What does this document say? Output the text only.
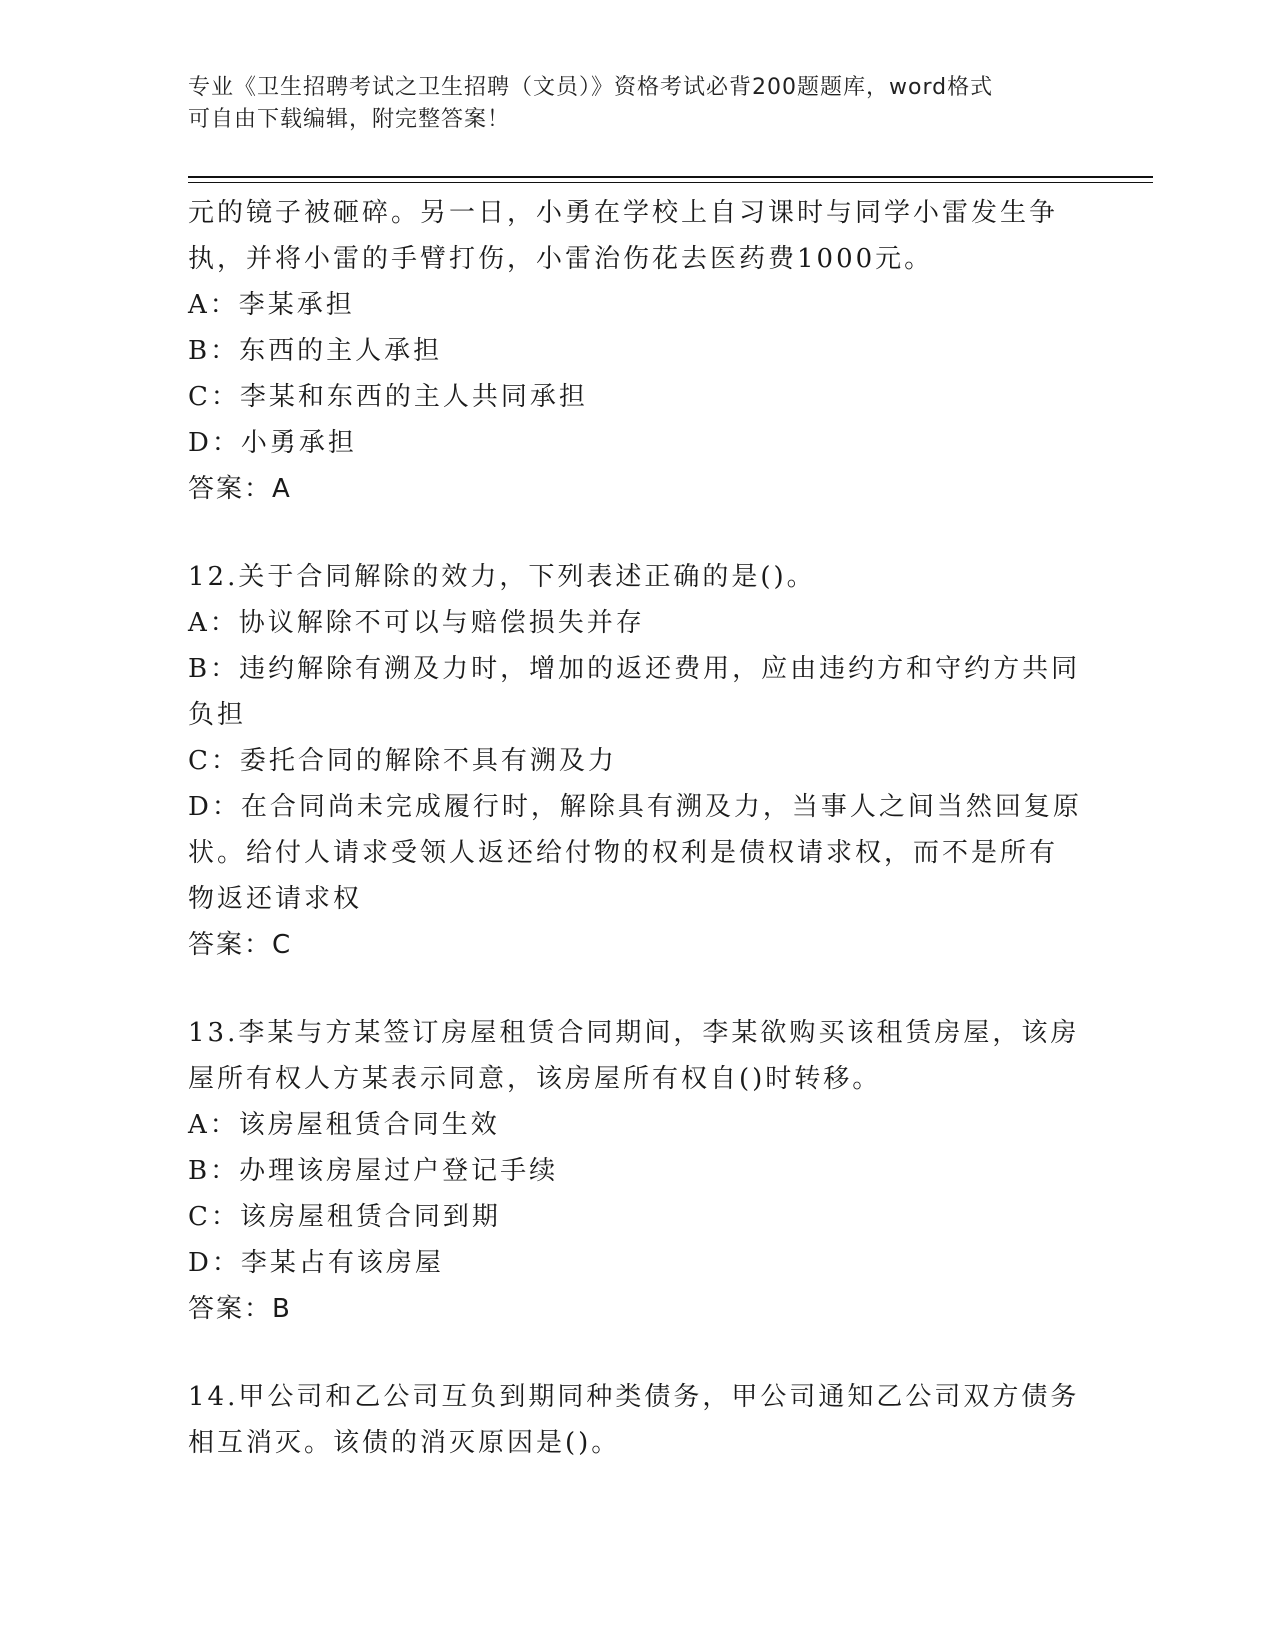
专业《卫生招聘考试之卫生招聘（文员）》资格考试必背200题题库，word格式
可自由下载编辑，附完整答案！
元的镜子被砸碎。另一日，小勇在学校上自习课时与同学小雷发生争
执，并将小雷的手臂打伤，小雷治伤花去医药费1000元。
A：李某承担
B：东西的主人承担
C：李某和东西的主人共同承担
D：小勇承担
答案：A
12.关于合同解除的效力，下列表述正确的是()。
A：协议解除不可以与赔偿损失并存
B：违约解除有溯及力时，增加的返还费用，应由违约方和守约方共同
负担
C：委托合同的解除不具有溯及力
D：在合同尚未完成履行时，解除具有溯及力，当事人之间当然回复原
状。给付人请求受领人返还给付物的权利是债权请求权，而不是所有
物返还请求权
答案：C
13.李某与方某签订房屋租赁合同期间，李某欲购买该租赁房屋，该房
屋所有权人方某表示同意，该房屋所有权自()时转移。
A：该房屋租赁合同生效
B：办理该房屋过户登记手续
C：该房屋租赁合同到期
D：李某占有该房屋
答案：B
14.甲公司和乙公司互负到期同种类债务，甲公司通知乙公司双方债务
相互消灭。该债的消灭原因是()。
